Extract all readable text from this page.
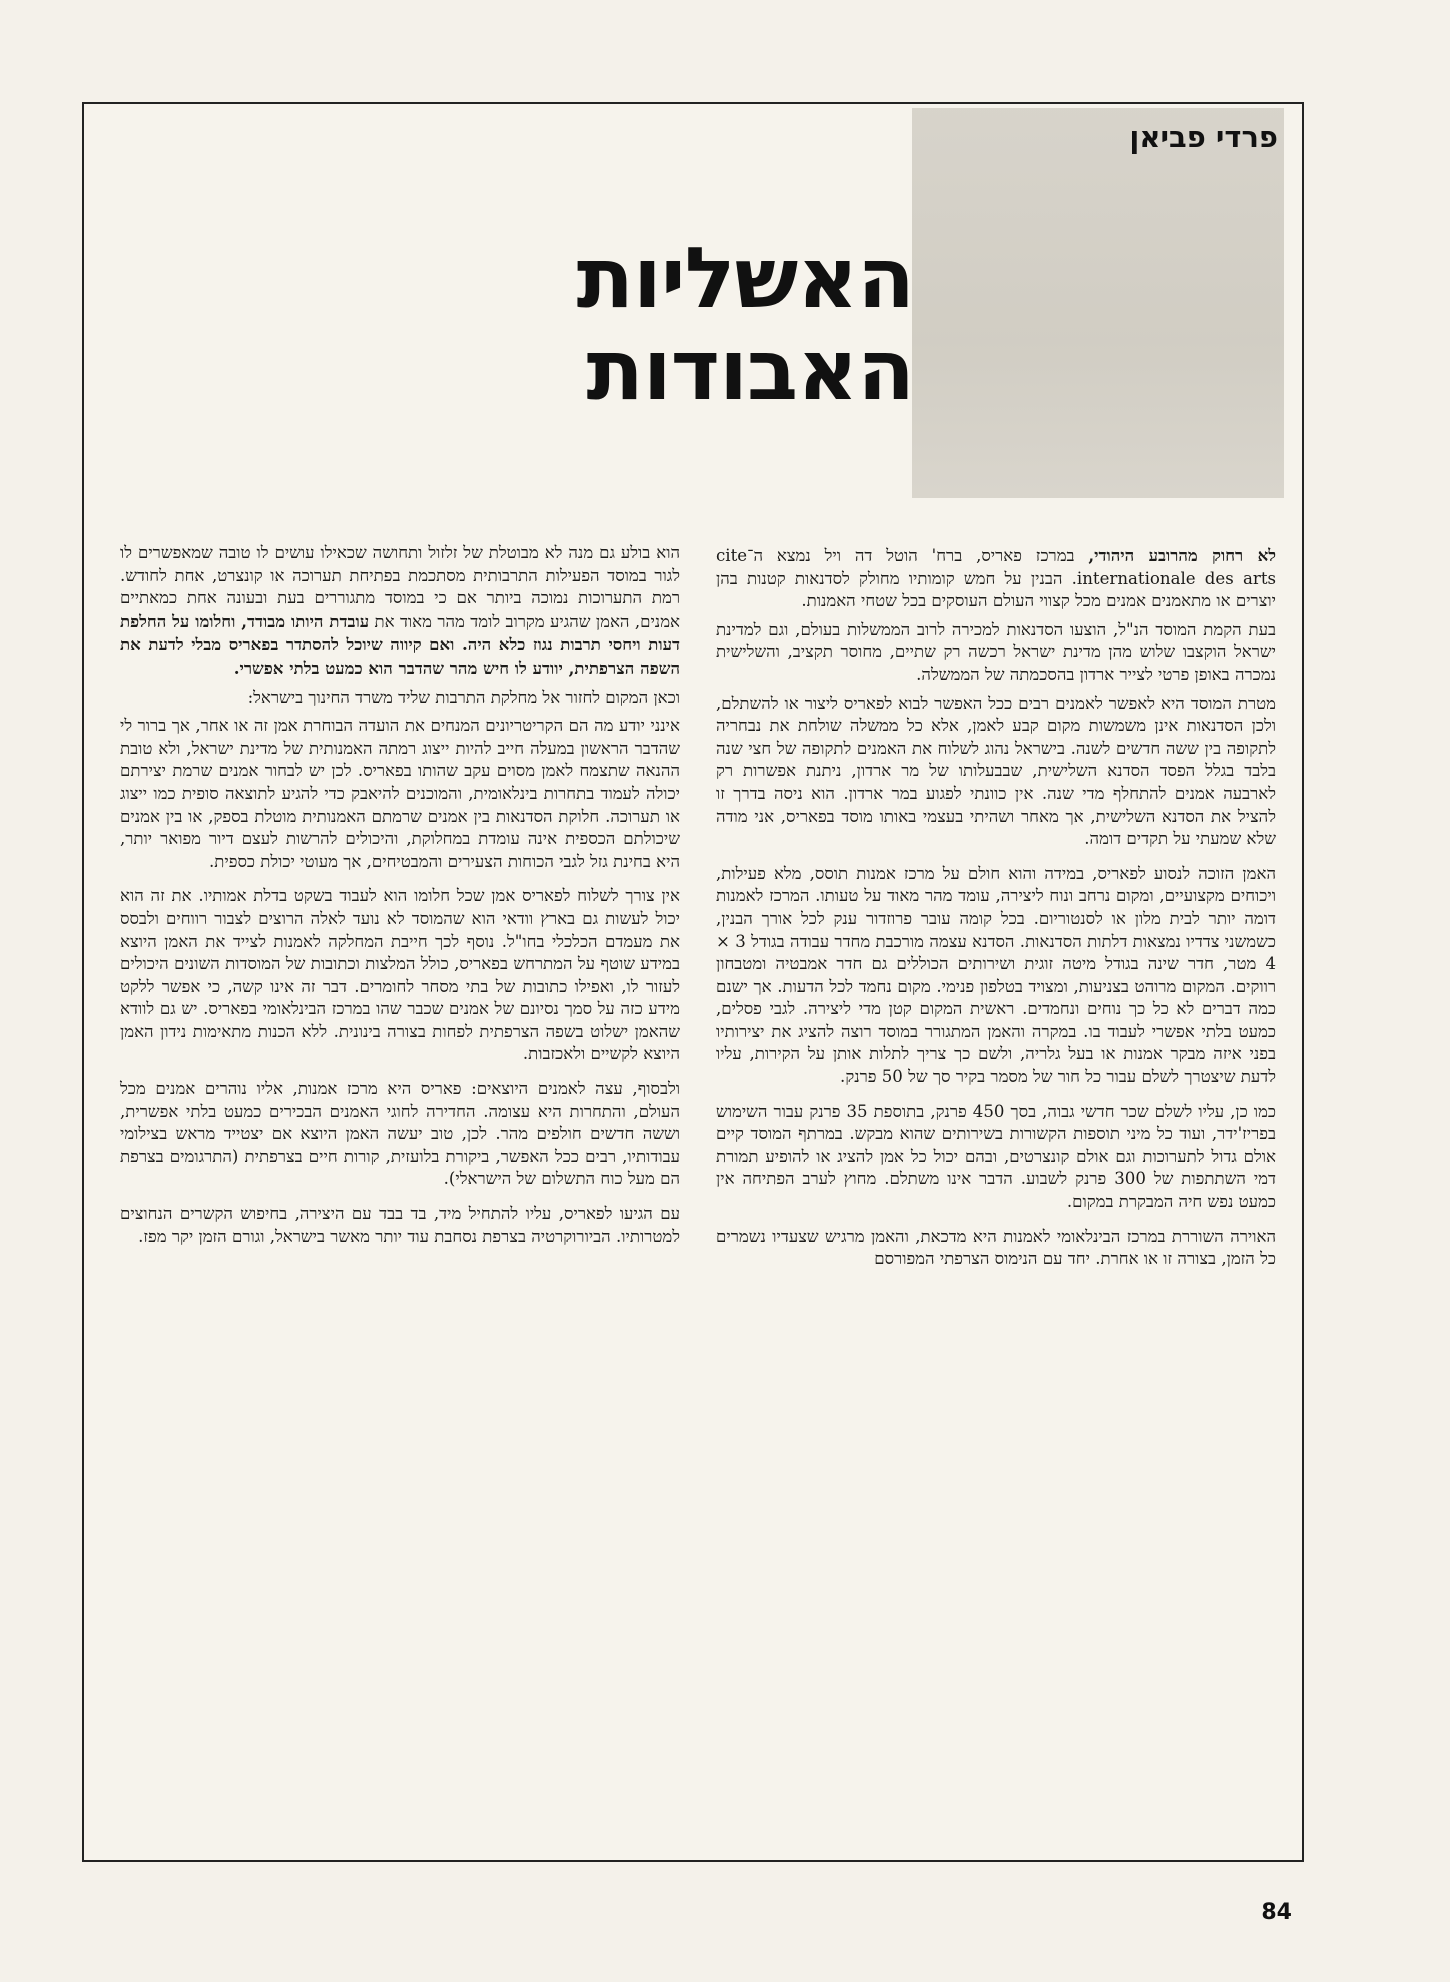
פרדי פביאן
האשליות
האבודות

לא רחוק מהרובע היהודי, במרכז פאריס, ברח' הוטל דה ויל נמצא ה־cite internationale des arts. הבנין על חמש קומותיו מחולק לסדנאות קטנות בהן יוצרים או מתאמנים אמנים מכל קצווי העולם העוסקים בכל שטחי האמנות.

בעת הקמת המוסד הנ"ל, הוצעו הסדנאות למכירה לרוב הממשלות בעולם, וגם למדינת ישראל הוקצבו שלוש מהן מדינת ישראל רכשה רק שתיים, מחוסר תקציב, והשלישית נמכרה באופן פרטי לצייר ארדון בהסכמתה של הממשלה.

מטרת המוסד היא לאפשר לאמנים רבים ככל האפשר לבוא לפאריס ליצור או להשתלם, ולכן הסדנאות אינן משמשות מקום קבע לאמן, אלא כל ממשלה שולחת את נבחריה לתקופה בין ששה חדשים לשנה. בישראל נהוג לשלוח את האמנים לתקופה של חצי שנה בלבד בגלל הפסד הסדנא השלישית, שבבעלותו של מר ארדון, ניתנת אפשרות רק לארבעה אמנים להתחלף מדי שנה. אין כוונתי לפגוע במר ארדון. הוא ניסה בדרך זו להציל את הסדנא השלישית, אך מאחר ושהיתי בעצמי באותו מוסד בפאריס, אני מודה שלא שמעתי על תקדים דומה.

האמן הזוכה לנסוע לפאריס, במידה והוא חולם על מרכז אמנות תוסס, מלא פעילות, ויכוחים מקצועיים, ומקום נרחב ונוח ליצירה, עומד מהר מאוד על טעותו. המרכז לאמנות דומה יותר לבית מלון או לסנטוריום. בכל קומה עובר פרוזדור ענק לכל אורך הבנין, כשמשני צדדיו נמצאות דלתות הסדנאות. הסדנא עצמה מורכבת מחדר עבודה בגודל 3 × 4 מטר, חדר שינה בגודל מיטה זוגית ושירותים הכוללים גם חדר אמבטיה ומטבחון רווקים. המקום מרוהט בצניעות, ומצויד בטלפון פנימי. מקום נחמד לכל הדעות. אך ישנם כמה דברים לא כל כך נוחים ונחמדים. ראשית המקום קטן מדי ליצירה. לגבי פסלים, כמעט בלתי אפשרי לעבוד בו. במקרה והאמן המתגורר במוסד רוצה להציג את יצירותיו בפני איזה מבקר אמנות או בעל גלריה, ולשם כך צריך לתלות אותן על הקירות, עליו לדעת שיצטרך לשלם עבור כל חור של מסמר בקיר סך של 50 פרנק.

כמו כן, עליו לשלם שכר חדשי גבוה, בסך 450 פרנק, בתוספת 35 פרנק עבור השימוש בפריז'ידר, ועוד כל מיני תוספות הקשורות בשירותים שהוא מבקש. במרתף המוסד קיים אולם גדול לתערוכות וגם אולם קונצרטים, ובהם יכול כל אמן להציג או להופיע תמורת דמי השתתפות של 300 פרנק לשבוע. הדבר אינו משתלם. מחוץ לערב הפתיחה אין כמעט נפש חיה המבקרת במקום.

האוירה השוררת במרכז הבינלאומי לאמנות היא מדכאת, והאמן מרגיש שצעדיו נשמרים כל הזמן, בצורה זו או אחרת. יחד עם הנימוס הצרפתי המפורסם

הוא בולע גם מנה לא מבוטלת של זלזול ותחושה שכאילו עושים לו טובה שמאפשרים לו לגור במוסד הפעילות התרבותית מסתכמת בפתיחת תערוכה או קונצרט, אחת לחודש. רמת התערוכות נמוכה ביותר אם כי במוסד מתגוררים בעת ובעונה אחת כמאתיים אמנים, האמן שהגיע מקרוב לומד מהר מאוד את עובדת היותו מבודד, וחלומו על החלפת דעות ויחסי תרבות נגוז כלא היה. ואם קיווה שיוכל להסתדר בפאריס מבלי לדעת את השפה הצרפתית, יוודע לו חיש מהר שהדבר הוא כמעט בלתי אפשרי.

וכאן המקום לחזור אל מחלקת התרבות שליד משרד החינוך בישראל:

אינני יודע מה הם הקריטריונים המנחים את הועדה הבוחרת אמן זה או אחר, אך ברור לי שהדבר הראשון במעלה חייב להיות ייצוג רמתה האמנותית של מדינת ישראל, ולא טובת ההנאה שתצמח לאמן מסוים עקב שהותו בפאריס. לכן יש לבחור אמנים שרמת יצירתם יכולה לעמוד בתחרות בינלאומית, והמוכנים להיאבק כדי להגיע לתוצאה סופית כמו ייצוג או תערוכה. חלוקת הסדנאות בין אמנים שרמתם האמנותית מוטלת בספק, או בין אמנים שיכולתם הכספית אינה עומדת במחלוקת, והיכולים להרשות לעצם דיור מפואר יותר, היא בחינת גזל לגבי הכוחות הצעירים והמבטיחים, אך מעוטי יכולת כספית.

אין צורך לשלוח לפאריס אמן שכל חלומו הוא לעבוד בשקט בדלת אמותיו. את זה הוא יכול לעשות גם בארץ וודאי הוא שהמוסד לא נועד לאלה הרוצים לצבור רווחים ולבסס את מעמדם הכלכלי בחו"ל. נוסף לכך חייבת המחלקה לאמנות לצייד את האמן היוצא במידע שוטף על המתרחש בפאריס, כולל המלצות וכתובות של המוסדות השונים היכולים לעזור לו, ואפילו כתובות של בתי מסחר לחומרים. דבר זה אינו קשה, כי אפשר ללקט מידע כזה על סמך נסיונם של אמנים שכבר שהו במרכז הבינלאומי בפאריס. יש גם לוודא שהאמן ישלוט בשפה הצרפתית לפחות בצורה בינונית. ללא הכנות מתאימות נידון האמן היוצא לקשיים ולאכזבות.

ולבסוף, עצה לאמנים היוצאים: פאריס היא מרכז אמנות, אליו נוהרים אמנים מכל העולם, והתחרות היא עצומה. החדירה לחוגי האמנים הבכירים כמעט בלתי אפשרית, וששה חדשים חולפים מהר. לכן, טוב יעשה האמן היוצא אם יצטייד מראש בצילומי עבודותיו, רבים ככל האפשר, ביקורת בלועזית, קורות חיים בצרפתית (התרגומים בצרפת הם מעל כוח התשלום של הישראלי).

עם הגיעו לפאריס, עליו להתחיל מיד, בד בבד עם היצירה, בחיפוש הקשרים הנחוצים למטרותיו. הביורוקרטיה בצרפת נסחבת עוד יותר מאשר בישראל, וגורם הזמן יקר מפז.

84
